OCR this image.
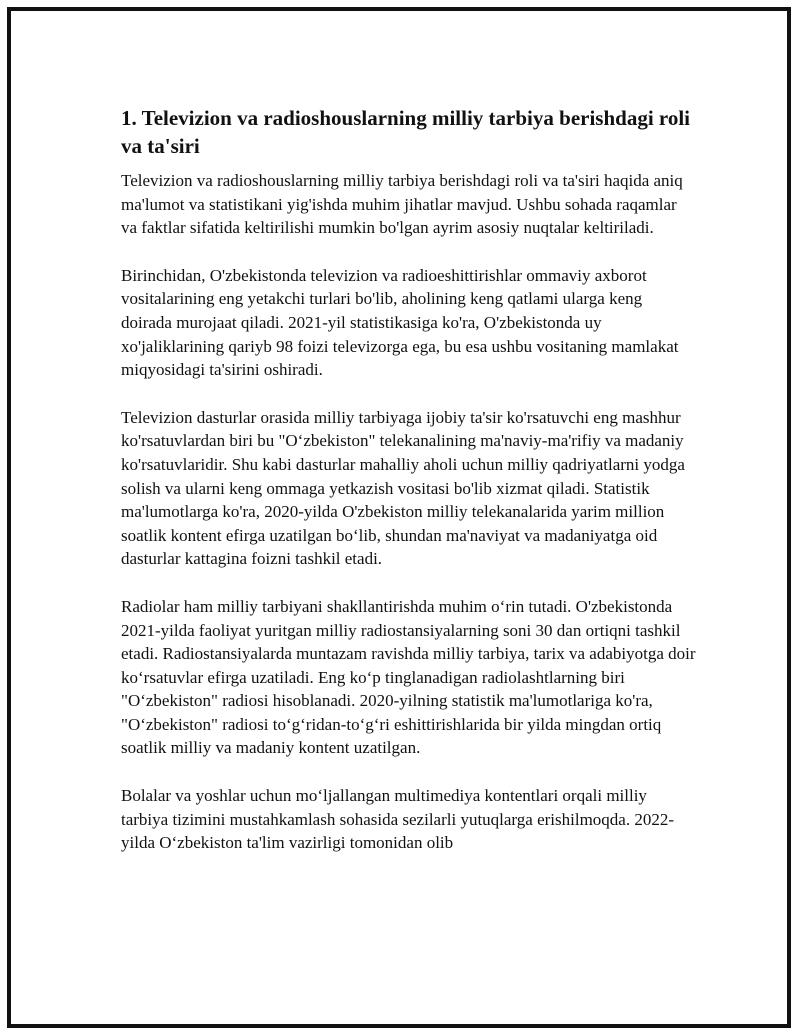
1. Televizion va radioshouslarning milliy tarbiya berishdagi roli va ta'siri

Televizion va radioshouslarning milliy tarbiya berishdagi roli va ta'siri haqida aniq ma'lumot va statistikani yig'ishda muhim jihatlar mavjud. Ushbu sohada raqamlar va faktlar sifatida keltirilishi mumkin bo'lgan ayrim asosiy nuqtalar keltiriladi.

Birinchidan, O'zbekistonda televizion va radioeshittirishlar ommaviy axborot vositalarining eng yetakchi turlari bo'lib, aholining keng qatlami ularga keng doirada murojaat qiladi. 2021-yil statistikasiga ko'ra, O'zbekistonda uy xo'jaliklarining qariyb 98 foizi televizorga ega, bu esa ushbu vositaning mamlakat miqyosidagi ta'sirini oshiradi.

Televizion dasturlar orasida milliy tarbiyaga ijobiy ta'sir ko'rsatuvchi eng mashhur ko'rsatuvlardan biri bu "O‘zbekiston" telekanalining ma'naviy-ma'rifiy va madaniy ko'rsatuvlaridir. Shu kabi dasturlar mahalliy aholi uchun milliy qadriyatlarni yodga solish va ularni keng ommaga yetkazish vositasi bo'lib xizmat qiladi. Statistik ma'lumotlarga ko'ra, 2020-yilda O'zbekiston milliy telekanalarida yarim million soatlik kontent efirga uzatilgan bo‘lib, shundan ma'naviyat va madaniyatga oid dasturlar kattagina foizni tashkil etadi.

Radiolar ham milliy tarbiyani shakllantirishda muhim o‘rin tutadi. O'zbekistonda 2021-yilda faoliyat yuritgan milliy radiostansiyalarning soni 30 dan ortiqni tashkil etadi. Radiostansiyalarda muntazam ravishda milliy tarbiya, tarix va adabiyotga doir ko‘rsatuvlar efirga uzatiladi. Eng ko‘p tinglanadigan radiolashtlarning biri "O‘zbekiston" radiosi hisoblanadi. 2020-yilning statistik ma'lumotlariga ko'ra, "O‘zbekiston" radiosi to‘g‘ridan-to‘g‘ri eshittirishlarida bir yilda mingdan ortiq soatlik milliy va madaniy kontent uzatilgan.

Bolalar va yoshlar uchun mo‘ljallangan multimediya kontentlari orqali milliy tarbiya tizimini mustahkamlash sohasida sezilarli yutuqlarga erishilmoqda. 2022-yilda O‘zbekiston ta'lim vazirligi tomonidan olib
